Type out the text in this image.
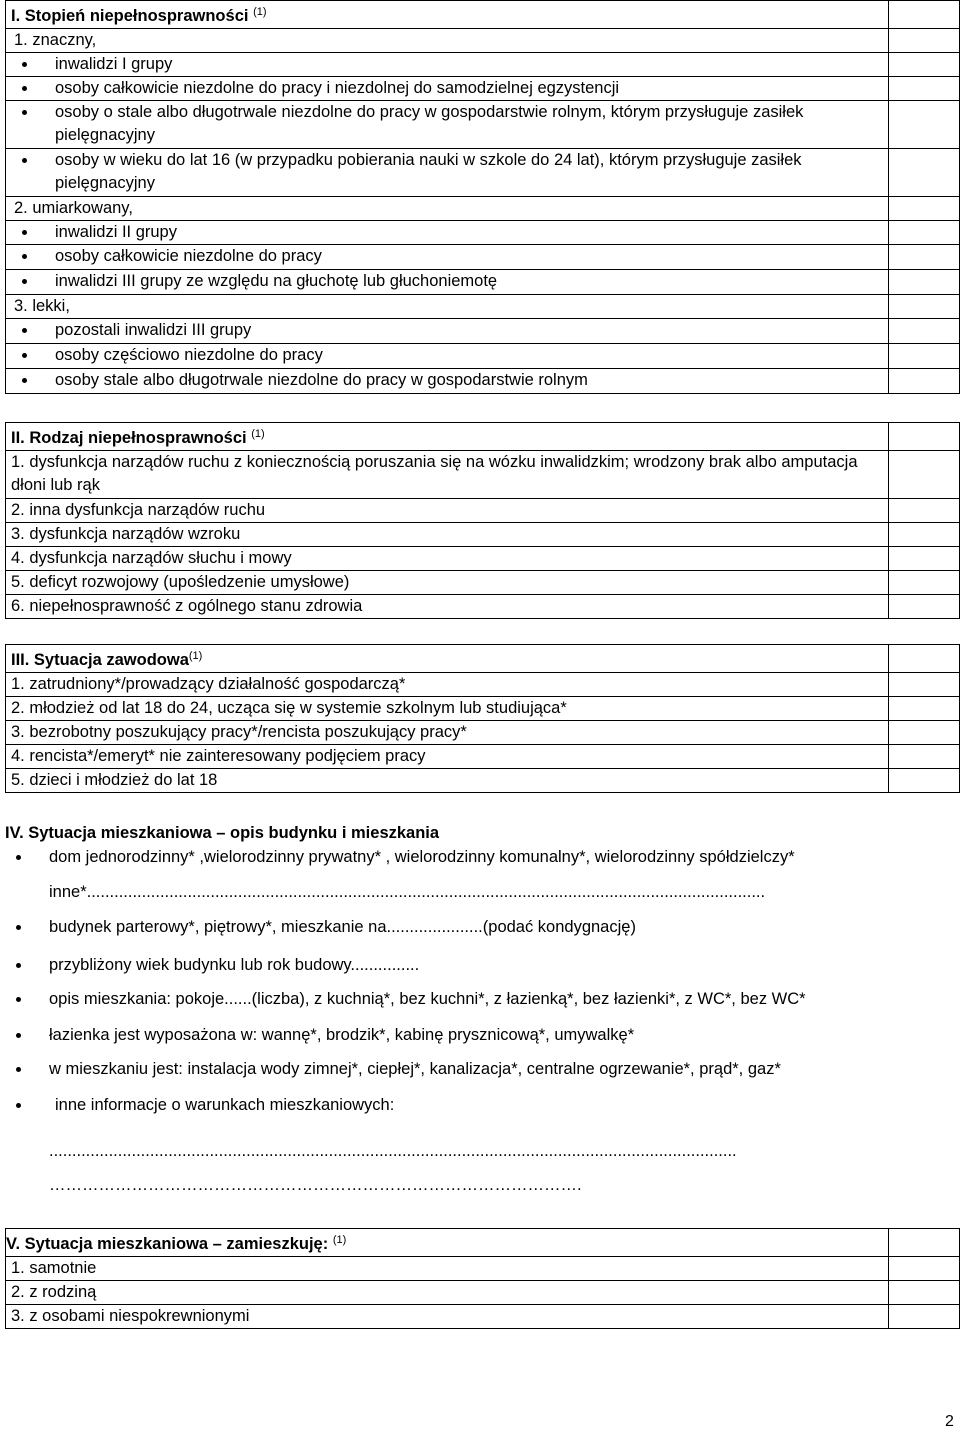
I. Stopień niepełnosprawności $^{(1)}$	
1. znaczny,	

inwalidzi I grupy	

osoby całkowicie niezdolne do pracy i niezdolnej do samodzielnej egzystencji	

osoby o stale albo długotrwale niezdolne do pracy w gospodarstwie rolnym, którym przysługuje zasiłek pielęgnacyjny	

osoby w wieku do lat 16 (w przypadku pobierania nauki w szkole do 24 lat), którym przysługuje zasiłek pielęgnacyjny	

2. umiarkowany,	

inwalidzi II grupy	

osoby całkowicie niezdolne do pracy	

inwalidzi III grupy ze względu na głuchotę lub głuchoniemotę	

3. lekki,	

pozostali inwalidzi III grupy	

osoby częściowo niezdolne do pracy	

osoby stale albo długotrwale niezdolne do pracy w gospodarstwie rolnym	

II. Rodzaj niepełnosprawności $^{(1)}$	
1. dysfunkcja narządów ruchu z koniecznością poruszania się na wózku inwalidzkim; wrodzony brak albo amputacja dłoni lub rąk	
2. inna dysfunkcja narządów ruchu	
3. dysfunkcja narządów wzroku	
4. dysfunkcja narządów słuchu i mowy	
5. deficyt rozwojowy (upośledzenie umysłowe)	
6. niepełnosprawność z ogólnego stanu zdrowia	
III. Sytuacja zawodowa$^{(1)}$	
1. zatrudniony*/prowadzący działalność gospodarczą*	
2. młodzież od lat 18 do 24, ucząca się w systemie szkolnym lub studiująca*	
3. bezrobotny poszukujący pracy*/rencista poszukujący pracy*	
4. rencista*/emeryt* nie zainteresowany podjęciem pracy	
5. dzieci i młodzież do lat 18	
IV. Sytuacja mieszkaniowa – opis budynku i mieszkania
dom jednorodzinny* ,wielorodzinny prywatny* , wielorodzinny komunalny*, wielorodzinny spółdzielczy*
inne*....................................................................................................................................................
budynek parterowy*, piętrowy*, mieszkanie na.....................(podać kondygnację)
przybliżony wiek budynku lub rok budowy...............
opis mieszkania: pokoje......(liczba), z kuchnią*, bez kuchni*, z łazienką*, bez łazienki*, z WC*, bez WC*
łazienka jest wyposażona w: wannę*, brodzik*, kabinę prysznicową*, umywalkę*
w mieszkaniu jest: instalacja wody zimnej*, ciepłej*, kanalizacja*, centralne ogrzewanie*, prąd*, gaz*
inne informacje o warunkach mieszkaniowych:
......................................................................................................................................................
…………………………………………………………………………………….
V. Sytuacja mieszkaniowa – zamieszkuję: $^{(1)}$	
1. samotnie	
2. z rodziną	
3. z osobami niespokrewnionymi	
2
